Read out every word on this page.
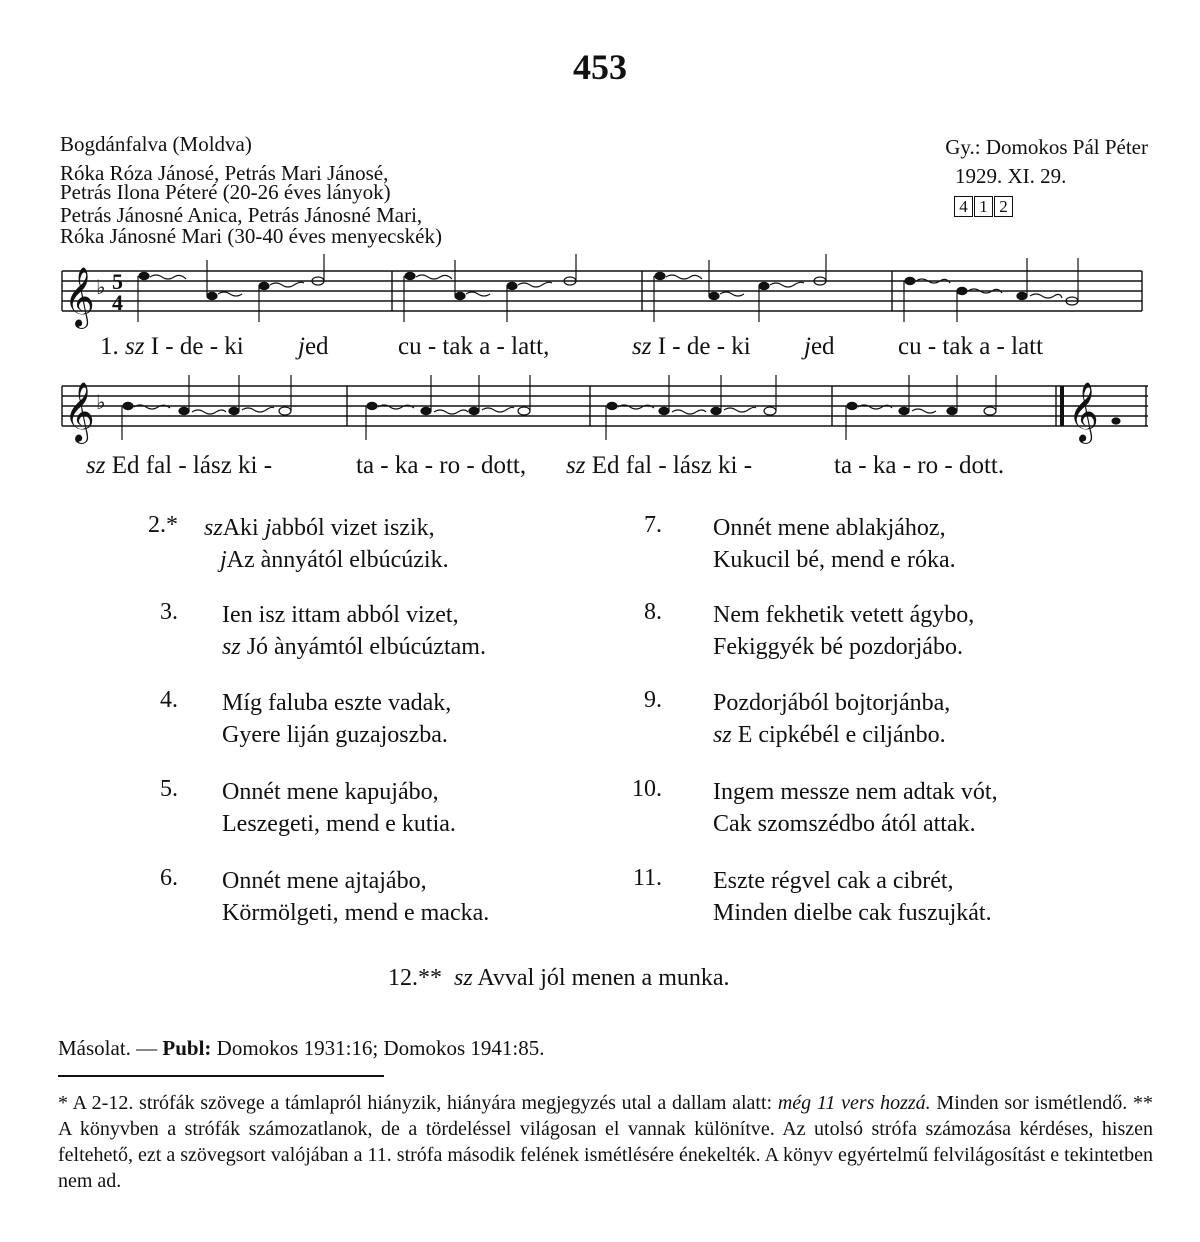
453
Bogdánfalva (Moldva)
Róka Róza Jánosé, Petrás Mari Jánosé,
Petrás Ilona Péteré (20-26 éves lányok)
Petrás Jánosné Anica, Petrás Jánosné Mari,
Róka Jánosné Mari (30-40 éves menyecskék)
Gy.: Domokos Pál Péter
1929. XI. 29.
4 1 2
𝄞
𝄞	𝄞
♭
♭
5
4
1. sz I - de - ki jed	cu - tak a - latt,	sz I - de - ki jed	cu - tak a - latt
sz Ed fal - lász ki -	ta - ka - ro - dott, sz Ed fal - lász ki -	ta - ka - ro - dott.
2.* szAki jabból vizet iszik,
jAz ànnyától elbúcúzik.
3. Ien isz ittam abból vizet,
sz Jó ànyámtól elbúcúztam.
4. Míg faluba eszte vadak,
Gyere liján guzajoszba.
5. Onnét mene kapujábo,
Leszegeti, mend e kutia.
6. Onnét mene ajtajábo,
Körmölgeti, mend e macka.
7. Onnét mene ablakjához,
Kukucil bé, mend e róka.
8. Nem fekhetik vetett ágybo,
Fekiggyék bé pozdorjábo.
9. Pozdorjából bojtorjánba,
sz E cipkébél e ciljánbo.
10. Ingem messze nem adtak vót,
Cak szomszédbo ától attak.
11. Eszte régvel cak a cibrét,
Minden dielbe cak fuszujkát.
12.** sz Avval jól menen a munka.
Másolat. — Publ: Domokos 1931:16; Domokos 1941:85.
* A 2-12. strófák szövege a támlapról hiányzik, hiányára megjegyzés utal a dallam alatt: még 11 vers hozzá. Minden sor ismétlendő. ** A könyvben a strófák számozatlanok, de a tördeléssel világosan el vannak különítve. Az utolsó strófa számozása kérdéses, hiszen feltehető, ezt a szövegsort valójában a 11. strófa második felének ismétlésére énekelték. A könyv egyértelmű felvilágosítást e tekintetben nem ad.
